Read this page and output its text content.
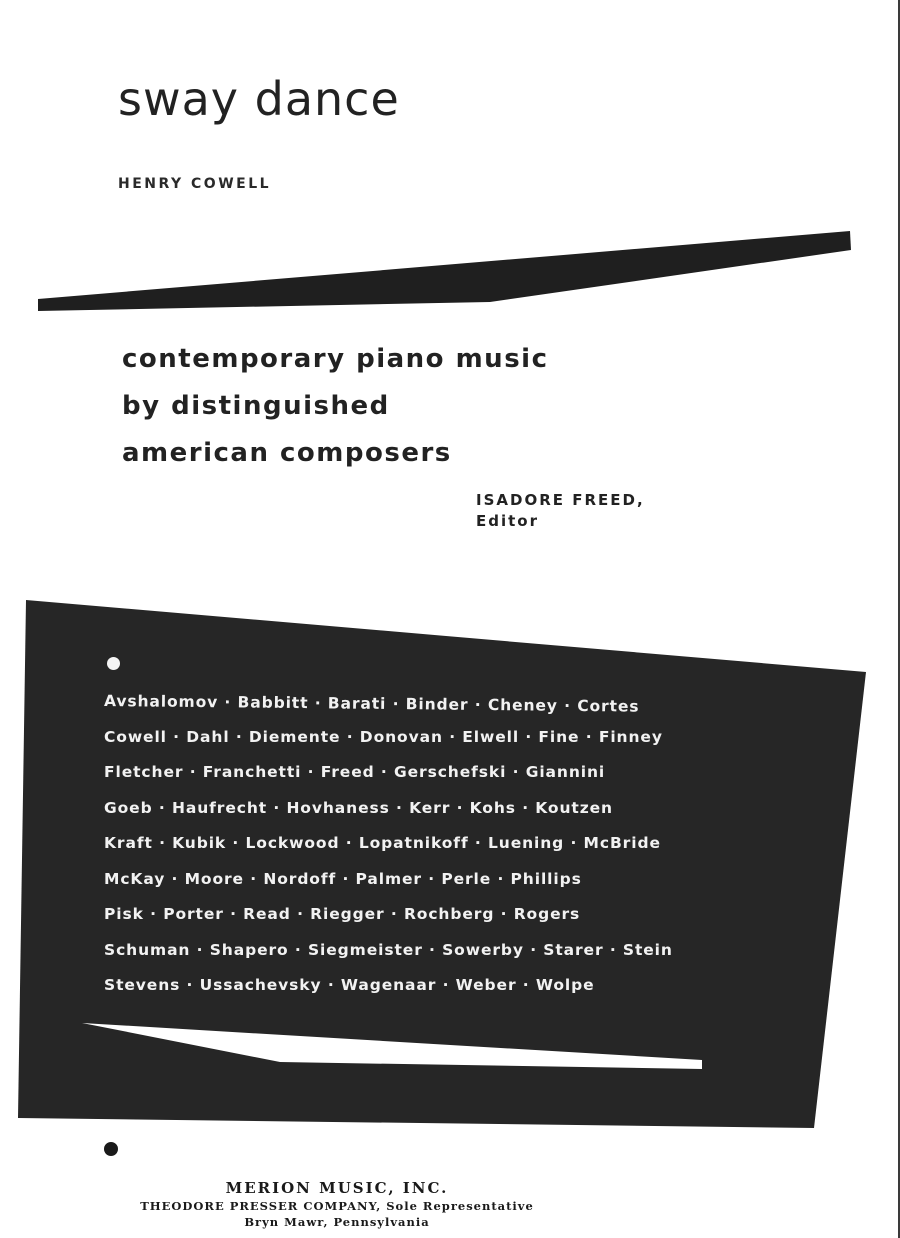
sway dance
HENRY COWELL
contemporary piano music
by distinguished
american composers
ISADORE FREED,
Editor
Avshalomov · Babbitt · Barati · Binder · Cheney · Cortes
Cowell · Dahl · Diemente · Donovan · Elwell · Fine · Finney
Fletcher · Franchetti · Freed · Gerschefski · Giannini
Goeb · Haufrecht · Hovhaness · Kerr · Kohs · Koutzen
Kraft · Kubik · Lockwood · Lopatnikoff · Luening · McBride
McKay · Moore · Nordoff · Palmer · Perle · Phillips
Pisk · Porter · Read · Riegger · Rochberg · Rogers
Schuman · Shapero · Siegmeister · Sowerby · Starer · Stein
Stevens · Ussachevsky · Wagenaar · Weber · Wolpe
MERION MUSIC, INC.
THEODORE PRESSER COMPANY, Sole Representative
Bryn Mawr, Pennsylvania
